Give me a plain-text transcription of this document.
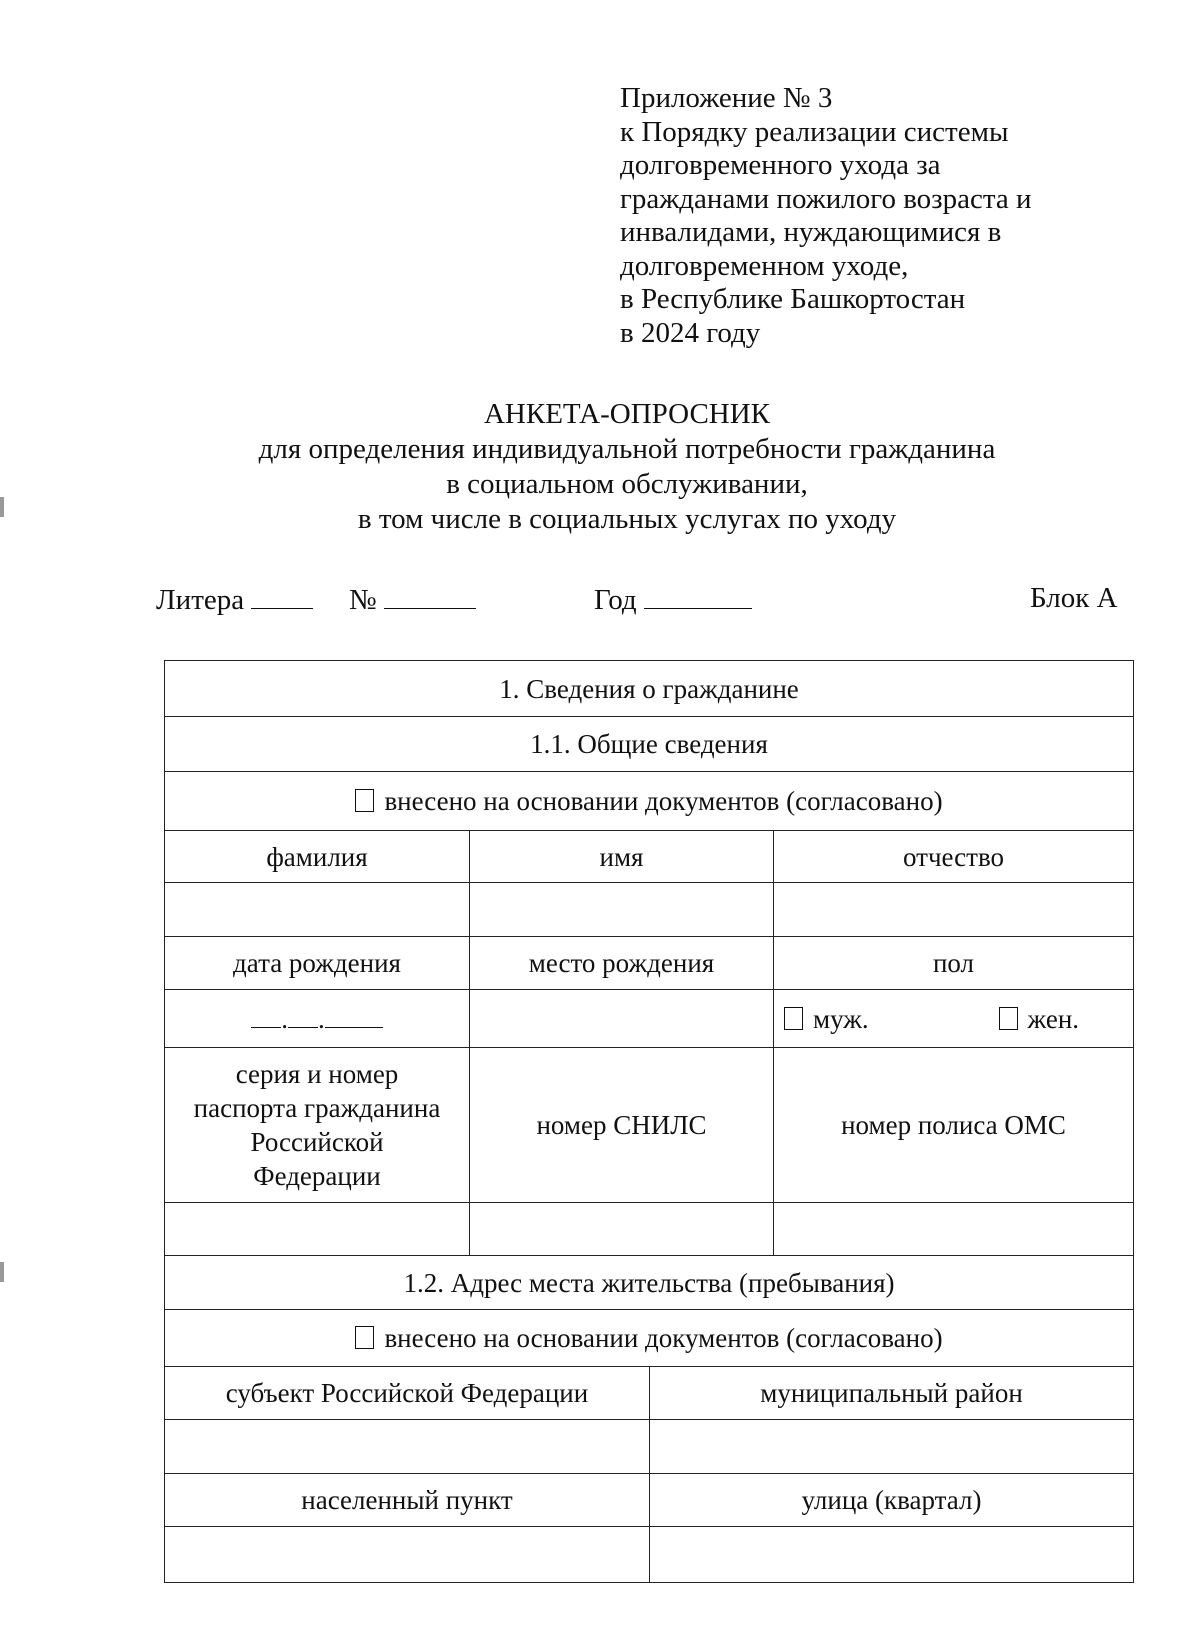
Приложение № 3
к Порядку реализации системы
долговременного ухода за
гражданами пожилого возраста и
инвалидами, нуждающимися в
долговременном уходе,
в Республике Башкортостан
в 2024 году
АНКЕТА-ОПРОСНИК
для определения индивидуальной потребности гражданина
в социальном обслуживании,
в том числе в социальных услугах по уходу
Литера	№	Год	Блок А
1. Сведения о гражданине			
1.1. Общие сведения			
внесено на основании документов (согласовано)			
фамилия	имя		отчество

дата рождения	место рождения		пол
. .			муж. жен.

серия и номер
паспорта гражданина
Российской
Федерации	номер СНИЛС		номер полиса ОМС

1.2. Адрес места жительства (пребывания)			
внесено на основании документов (согласовано)			
субъект Российской Федерации		муниципальный район	

населенный пункт		улица (квартал)	
